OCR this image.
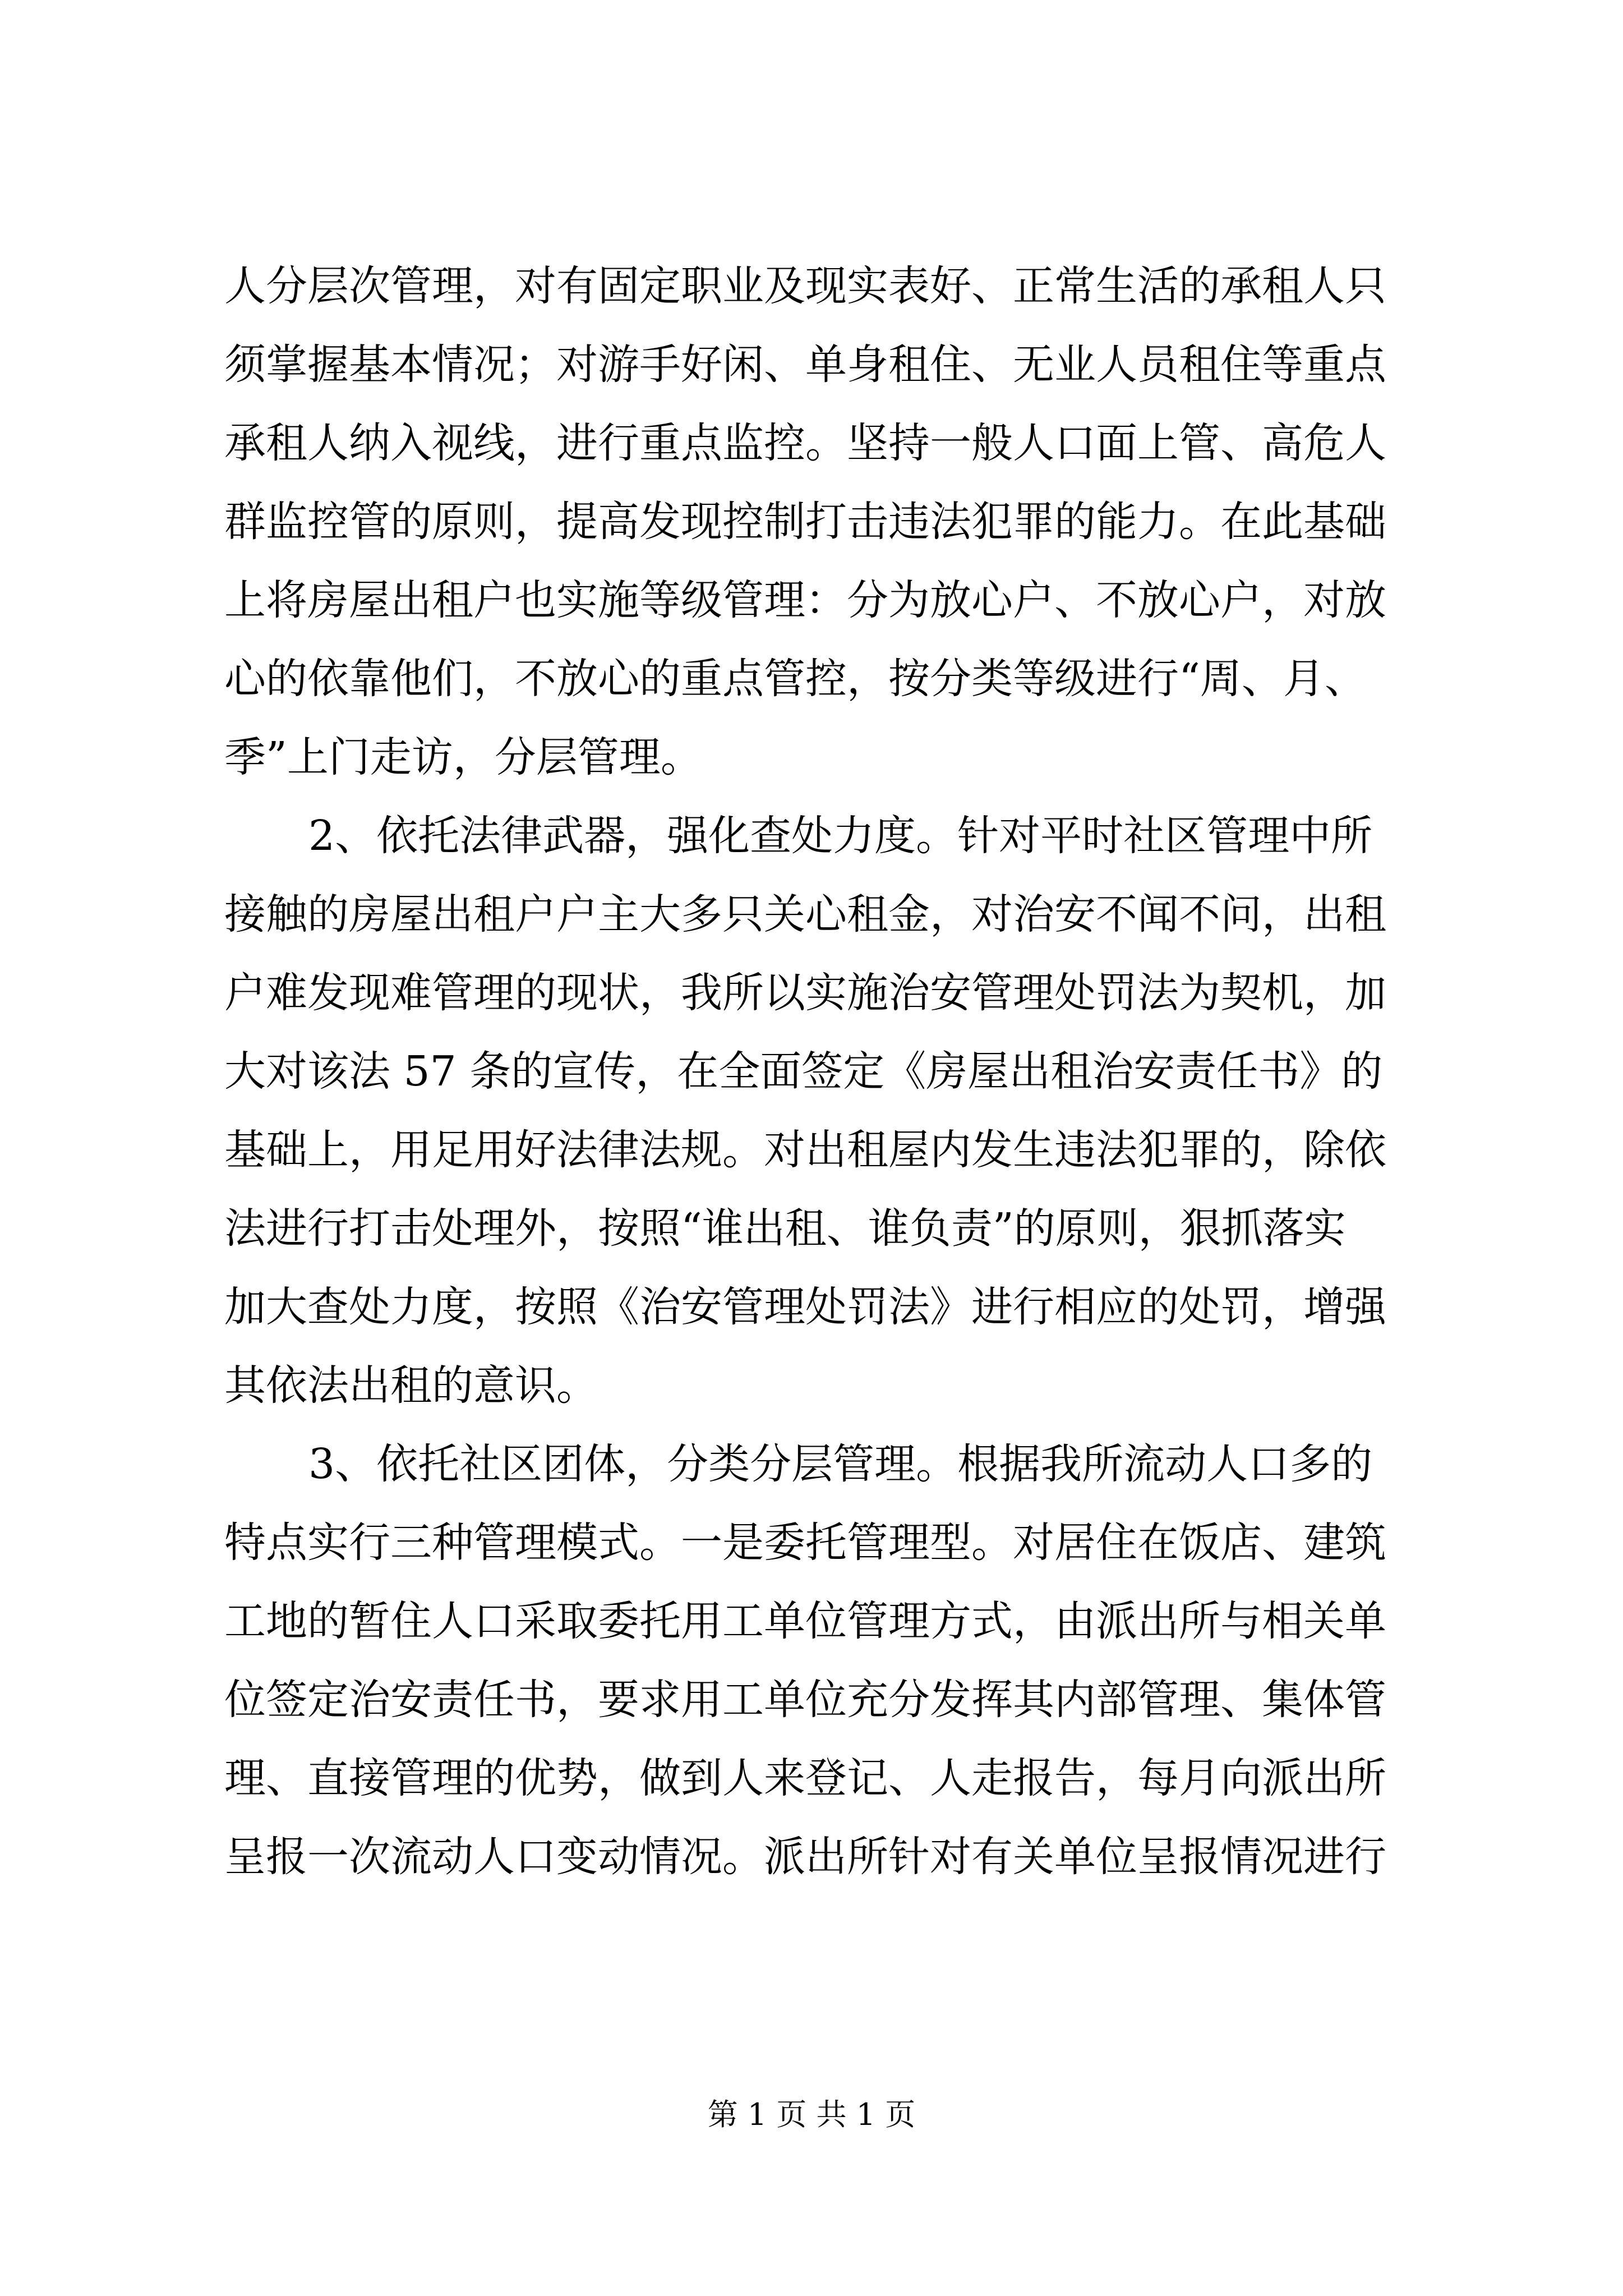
人分层次管理，对有固定职业及现实表好、正常生活的承租人只
须掌握基本情况；对游手好闲、单身租住、无业人员租住等重点
承租人纳入视线，进行重点监控。坚持一般人口面上管、高危人
群监控管的原则，提高发现控制打击违法犯罪的能力。在此基础
上将房屋出租户也实施等级管理：分为放心户、不放心户，对放
心的依靠他们，不放心的重点管控，按分类等级进行“周、月、
季”上门走访，分层管理。
2、依托法律武器，强化查处力度。针对平时社区管理中所
接触的房屋出租户户主大多只关心租金，对治安不闻不问，出租
户难发现难管理的现状，我所以实施治安管理处罚法为契机，加
大对该法 57 条的宣传，在全面签定《房屋出租治安责任书》的
基础上，用足用好法律法规。对出租屋内发生违法犯罪的，除依
法进行打击处理外，按照“谁出租、谁负责”的原则，狠抓落实
加大查处力度，按照《治安管理处罚法》进行相应的处罚，增强
其依法出租的意识。
3、依托社区团体，分类分层管理。根据我所流动人口多的
特点实行三种管理模式。一是委托管理型。对居住在饭店、建筑
工地的暂住人口采取委托用工单位管理方式，由派出所与相关单
位签定治安责任书，要求用工单位充分发挥其内部管理、集体管
理、直接管理的优势，做到人来登记、人走报告，每月向派出所
呈报一次流动人口变动情况。派出所针对有关单位呈报情况进行
第 1 页 共 1 页
